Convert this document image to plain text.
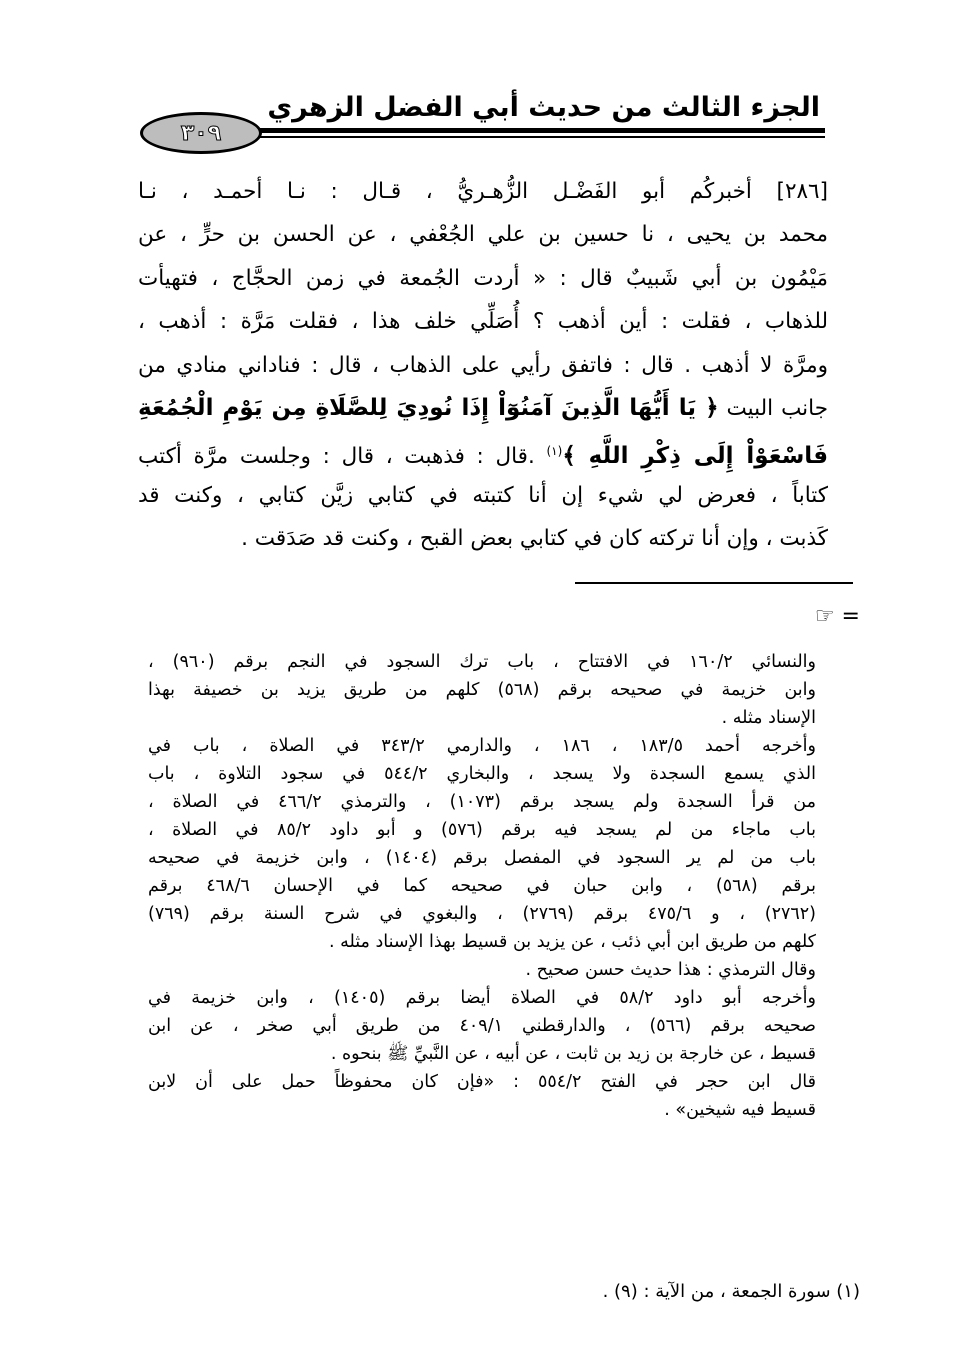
الجزء الثالث من حديث أبي الفضل الزهري
٣٠٩
[٢٨٦] أخبركُم أبو الفَضْـل الزُّهـريُّ ، قـال : نـا أحمـد ، نـا
محمد بن يحيى ، نا حسين بن علي الجُعْفي ، عن الحسن بن حرٍّ ، عن
مَيْمُون بن أبي شَبيبٌ قال : « أردت الجُمعة في زمن الحجَّاج ، فتهيأت
للذهاب ، فقلت : أين أذهب ؟ أُصَلِّي خلف هذا ، فقلت مَرَّة : أذهب ،
ومرَّة لا أذهب . قال : فاتفق رأيي على الذهاب ، قال : فناداني منادي من
جانب البيت ﴿ يَا أَيُّهَا الَّذِينَ آمَنُوٓاْ إِذَا نُودِيَ لِلصَّلَاةِ مِن يَوْمِ الْجُمُعَةِ
فَاسْعَوْاْ إِلَى ذِكْرِ اللَّهِ ﴾$^{(١)}$ .قال : فذهبت ، قال : وجلست مرَّة أكتب
كتاباً ، فعرض لي شيء إن أنا كتبته في كتابي زيَّن كتابي ، وكنت قد
كَذبت ، وإن أنا تركته كان في كتابي بعض القبح ، وكنت قد صَدَقت .
= ☞
والنسائي ١٦٠/٢ في الافتتاح ، باب ترك السجود في النجم برقم (٩٦٠) ،
وابن خزيمة في صحيحه برقم (٥٦٨) كلهم من طريق يزيد بن خصيفة بهذا
الإسناد مثله .
وأخرجه أحمد ١٨٣/٥ ، ١٨٦ ، والدارمي ٣٤٣/٢ في الصلاة ، باب في
الذي يسمع السجدة ولا يسجد ، والبخاري ٥٤٤/٢ في سجود التلاوة ، باب
من قرأ السجدة ولم يسجد برقم (١٠٧٣) ، والترمذي ٤٦٦/٢ في الصلاة ،
باب ماجاء من لم يسجد فيه برقم (٥٧٦) و أبو داود ٨٥/٢ في الصلاة ،
باب من لم ير السجود في المفصل برقم (١٤٠٤) ، وابن خزيمة في صحيحه
برقم (٥٦٨) ، وابن حبان في صحيحه كما في الإحسان ٤٦٨/٦ برقم
(٢٧٦٢) ، و ٤٧٥/٦ برقم (٢٧٦٩) ، والبغوي في شرح السنة برقم (٧٦٩)
كلهم من طريق ابن أبي ذئب ، عن يزيد بن قسيط بهذا الإسناد مثله .
وقال الترمذي : هذا حديث حسن صحيح .
وأخرجه أبو داود ٥٨/٢ في الصلاة أيضا برقم (١٤٠٥) ، وابن خزيمة في
صحيحه برقم (٥٦٦) ، والدارقطني ٤٠٩/١ من طريق أبي صخر ، عن ابن
قسيط ، عن خارجة بن زيد بن ثابت ، عن أبيه ، عن النَّبيِّ ﷺ بنحوه .
قال ابن حجر في الفتح ٥٥٤/٢ : «فإن كان محفوظاً حمل على أن لابن
قسيط فيه شيخين» .
(١) سورة الجمعة ، من الآية : (٩) .
